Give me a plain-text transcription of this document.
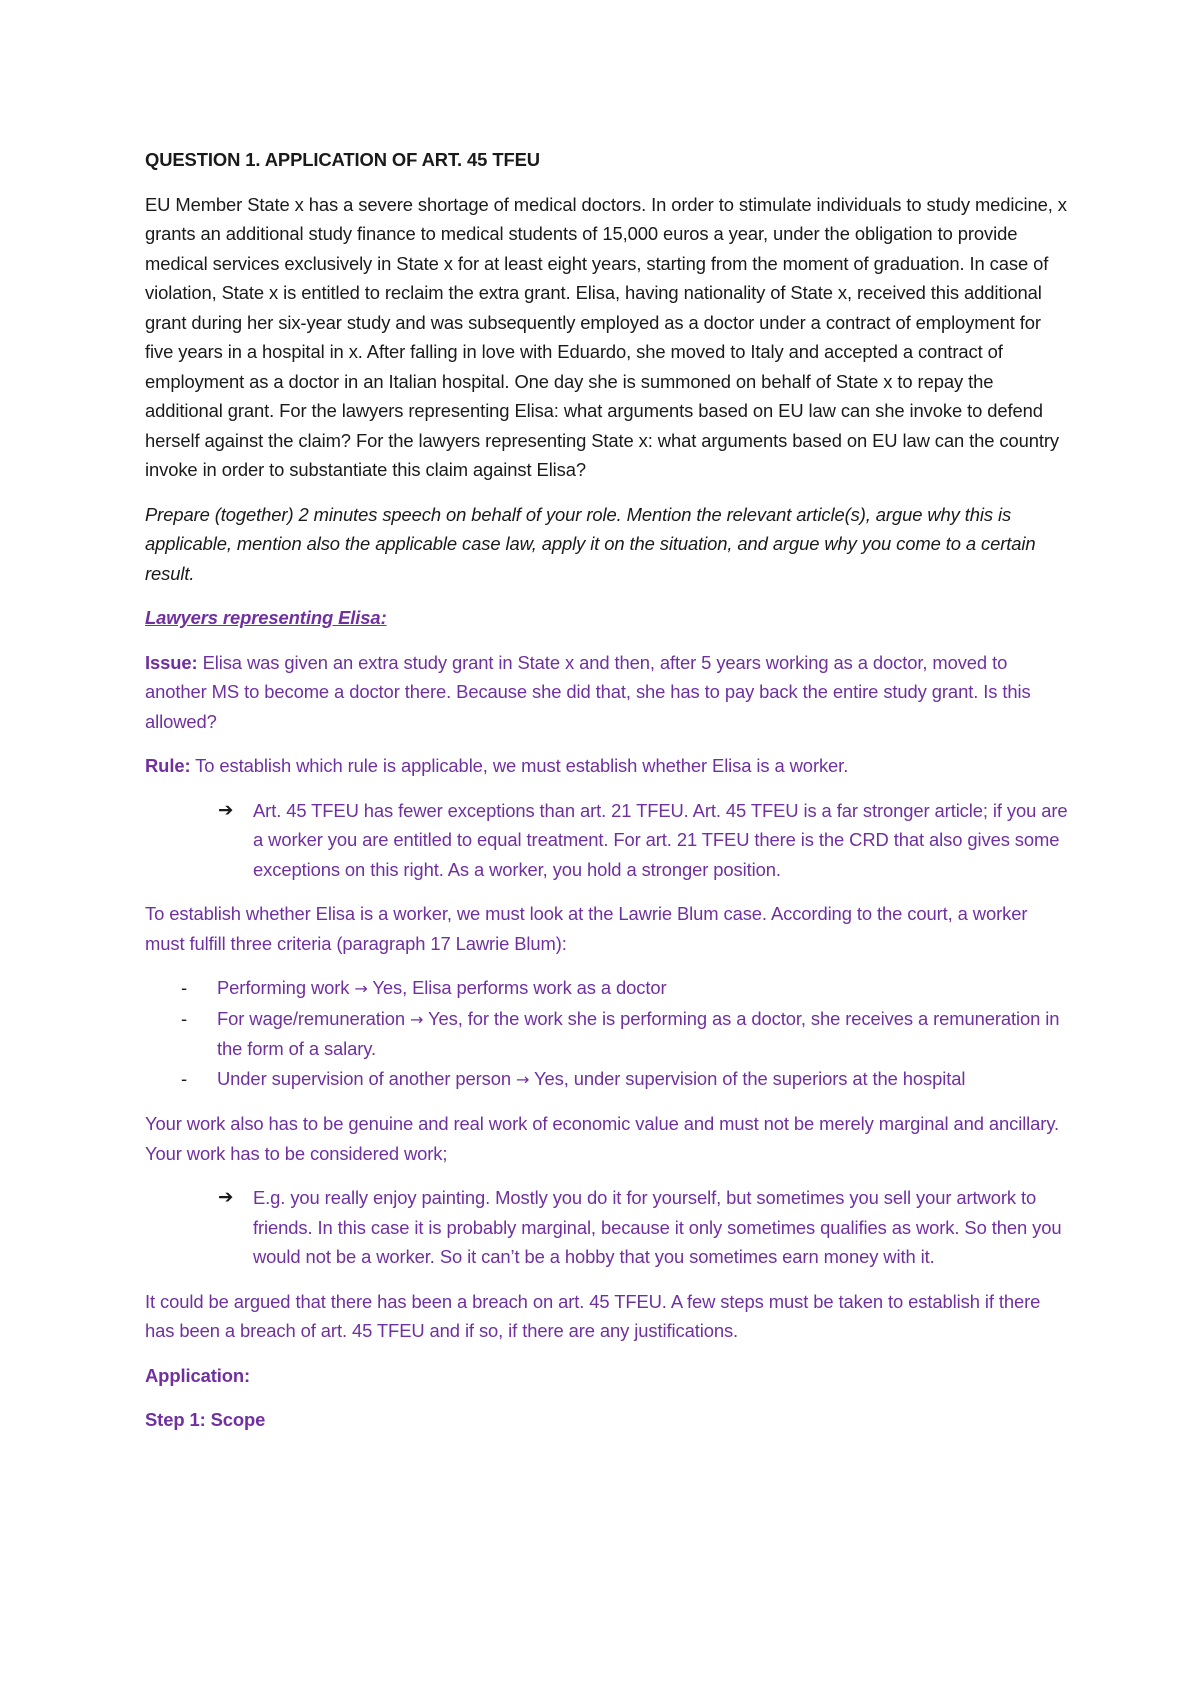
QUESTION 1. APPLICATION OF ART. 45 TFEU
EU Member State x has a severe shortage of medical doctors. In order to stimulate individuals to study medicine, x grants an additional study finance to medical students of 15,000 euros a year, under the obligation to provide medical services exclusively in State x for at least eight years, starting from the moment of graduation. In case of violation, State x is entitled to reclaim the extra grant. Elisa, having nationality of State x, received this additional grant during her six-year study and was subsequently employed as a doctor under a contract of employment for five years in a hospital in x. After falling in love with Eduardo, she moved to Italy and accepted a contract of employment as a doctor in an Italian hospital. One day she is summoned on behalf of State x to repay the additional grant. For the lawyers representing Elisa: what arguments based on EU law can she invoke to defend herself against the claim? For the lawyers representing State x: what arguments based on EU law can the country invoke in order to substantiate this claim against Elisa?
Prepare (together) 2 minutes speech on behalf of your role. Mention the relevant article(s), argue why this is applicable, mention also the applicable case law, apply it on the situation, and argue why you come to a certain result.
Lawyers representing Elisa:
Issue: Elisa was given an extra study grant in State x and then, after 5 years working as a doctor, moved to another MS to become a doctor there. Because she did that, she has to pay back the entire study grant. Is this allowed?
Rule: To establish which rule is applicable, we must establish whether Elisa is a worker.
➔ Art. 45 TFEU has fewer exceptions than art. 21 TFEU. Art. 45 TFEU is a far stronger article; if you are a worker you are entitled to equal treatment. For art. 21 TFEU there is the CRD that also gives some exceptions on this right. As a worker, you hold a stronger position.
To establish whether Elisa is a worker, we must look at the Lawrie Blum case. According to the court, a worker must fulfill three criteria (paragraph 17 Lawrie Blum):
- Performing work → Yes, Elisa performs work as a doctor
- For wage/remuneration → Yes, for the work she is performing as a doctor, she receives a remuneration in the form of a salary.
- Under supervision of another person → Yes, under supervision of the superiors at the hospital
Your work also has to be genuine and real work of economic value and must not be merely marginal and ancillary. Your work has to be considered work;
➔ E.g. you really enjoy painting. Mostly you do it for yourself, but sometimes you sell your artwork to friends. In this case it is probably marginal, because it only sometimes qualifies as work. So then you would not be a worker. So it can’t be a hobby that you sometimes earn money with it.
It could be argued that there has been a breach on art. 45 TFEU. A few steps must be taken to establish if there has been a breach of art. 45 TFEU and if so, if there are any justifications.
Application:
Step 1: Scope
